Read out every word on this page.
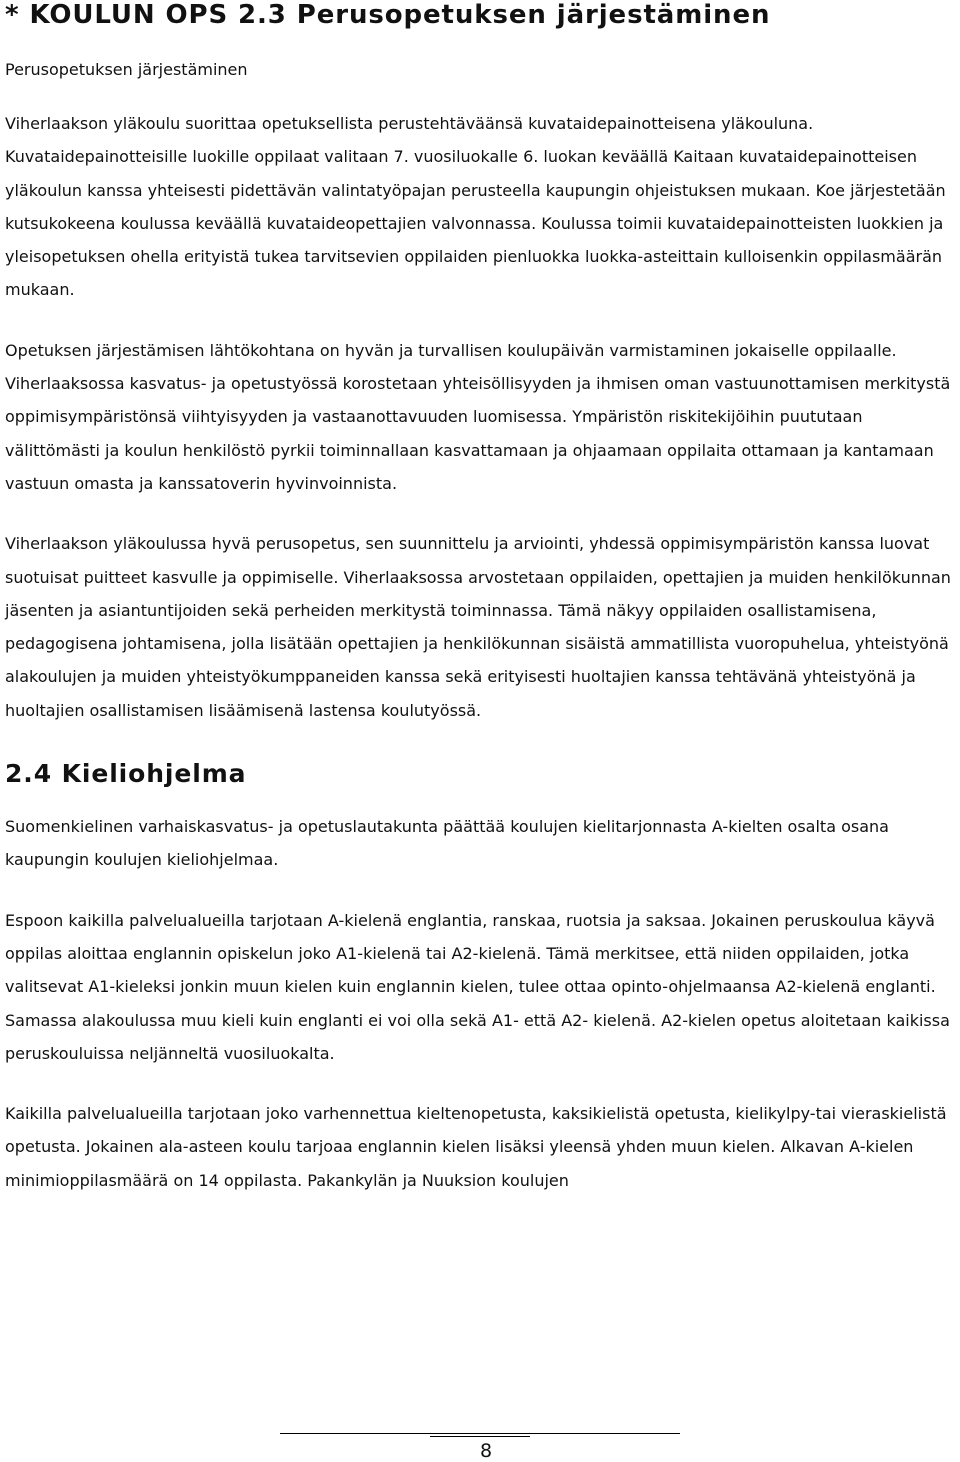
* KOULUN OPS 2.3 Perusopetuksen järjestäminen
Perusopetuksen järjestäminen

Viherlaakson yläkoulu suorittaa opetuksellista perustehtäväänsä kuvataidepainotteisena yläkouluna. Kuvataidepainotteisille luokille oppilaat valitaan 7. vuosiluokalle 6. luokan keväällä Kaitaan kuvataidepainotteisen yläkoulun kanssa yhteisesti pidettävän valintatyöpajan perusteella kaupungin ohjeistuksen mukaan. Koe järjestetään kutsukokeena koulussa keväällä kuvataideopettajien valvonnassa. Koulussa toimii kuvataidepainotteisten luokkien ja yleisopetuksen ohella erityistä tukea tarvitsevien oppilaiden pienluokka luokka-asteittain kulloisenkin oppilasmäärän mukaan.

Opetuksen järjestämisen lähtökohtana on hyvän ja turvallisen koulupäivän varmistaminen jokaiselle oppilaalle. Viherlaaksossa kasvatus- ja opetustyössä korostetaan yhteisöllisyyden ja ihmisen oman vastuunottamisen merkitystä oppimisympäristönsä viihtyisyyden ja vastaanottavuuden luomisessa. Ympäristön riskitekijöihin puututaan välittömästi ja koulun henkilöstö pyrkii toiminnallaan kasvattamaan ja ohjaamaan oppilaita ottamaan ja kantamaan vastuun omasta ja kanssatoverin hyvinvoinnista.

Viherlaakson yläkoulussa hyvä perusopetus, sen suunnittelu ja arviointi, yhdessä oppimisympäristön kanssa luovat suotuisat puitteet kasvulle ja oppimiselle. Viherlaaksossa arvostetaan oppilaiden, opettajien ja muiden henkilökunnan jäsenten ja asiantuntijoiden sekä perheiden merkitystä toiminnassa. Tämä näkyy oppilaiden osallistamisena, pedagogisena johtamisena, jolla lisätään opettajien ja henkilökunnan sisäistä ammatillista vuoropuhelua, yhteistyönä alakoulujen ja muiden yhteistyökumppaneiden kanssa sekä erityisesti huoltajien kanssa tehtävänä yhteistyönä ja huoltajien osallistamisen lisäämisenä lastensa koulutyössä.

2.4 Kieliohjelma

Suomenkielinen varhaiskasvatus- ja opetuslautakunta päättää koulujen kielitarjonnasta A-kielten osalta osana kaupungin koulujen kieliohjelmaa.

Espoon kaikilla palvelualueilla tarjotaan A-kielenä englantia, ranskaa, ruotsia ja saksaa. Jokainen peruskoulua käyvä oppilas aloittaa englannin opiskelun joko A1-kielenä tai A2-kielenä. Tämä merkitsee, että niiden oppilaiden, jotka valitsevat A1-kieleksi jonkin muun kielen kuin englannin kielen, tulee ottaa opinto-ohjelmaansa A2-kielenä englanti. Samassa alakoulussa muu kieli kuin englanti ei voi olla sekä A1- että A2- kielenä. A2-kielen opetus aloitetaan kaikissa peruskouluissa neljänneltä vuosiluokalta.

Kaikilla palvelualueilla tarjotaan joko varhennettua kieltenopetusta, kaksikielistä opetusta, kielikylpy-tai vieraskielistä opetusta. Jokainen ala-asteen koulu tarjoaa englannin kielen lisäksi yleensä yhden muun kielen. Alkavan A-kielen minimioppilasmäärä on 14 oppilasta. Pakankylän ja Nuuksion koulujen

8
